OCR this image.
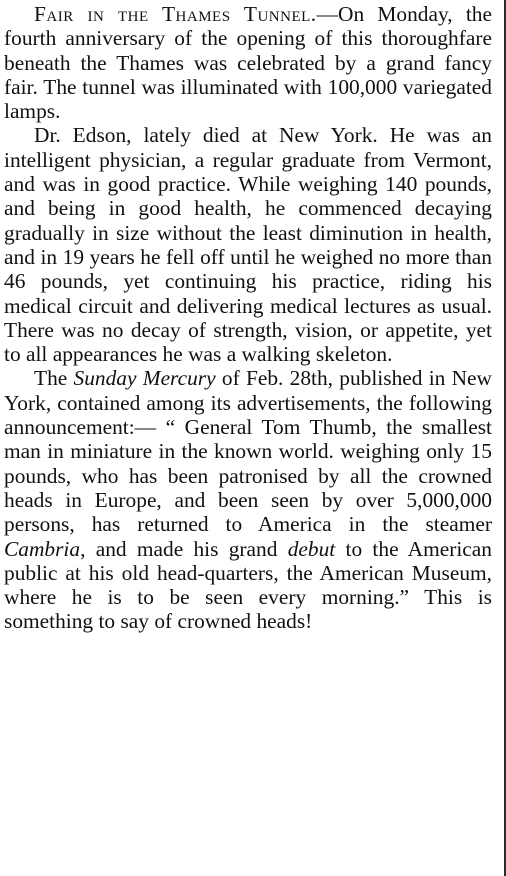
Fair in the Thames Tunnel.—On Monday, the fourth anniversary of the opening of this thoroughfare beneath the Thames was celebrated by a grand fancy fair. The tunnel was illuminated with 100,000 variegated lamps.

Dr. Edson, lately died at New York. He was an intelligent physician, a regular graduate from Vermont, and was in good practice. While weighing 140 pounds, and being in good health, he commenced decaying gradually in size without the least diminution in health, and in 19 years he fell off until he weighed no more than 46 pounds, yet continuing his practice, riding his medical circuit and delivering medical lectures as usual. There was no decay of strength, vision, or appetite, yet to all appearances he was a walking skeleton.

The Sunday Mercury of Feb. 28th, published in New York, contained among its advertisements, the following announcement:— “ General Tom Thumb, the smallest man in miniature in the known world. weighing only 15 pounds, who has been patronised by all the crowned heads in Europe, and been seen by over 5,000,000 persons, has returned to America in the steamer Cambria, and made his grand debut to the American public at his old head-quarters, the American Museum, where he is to be seen every morning.” This is something to say of crowned heads!
